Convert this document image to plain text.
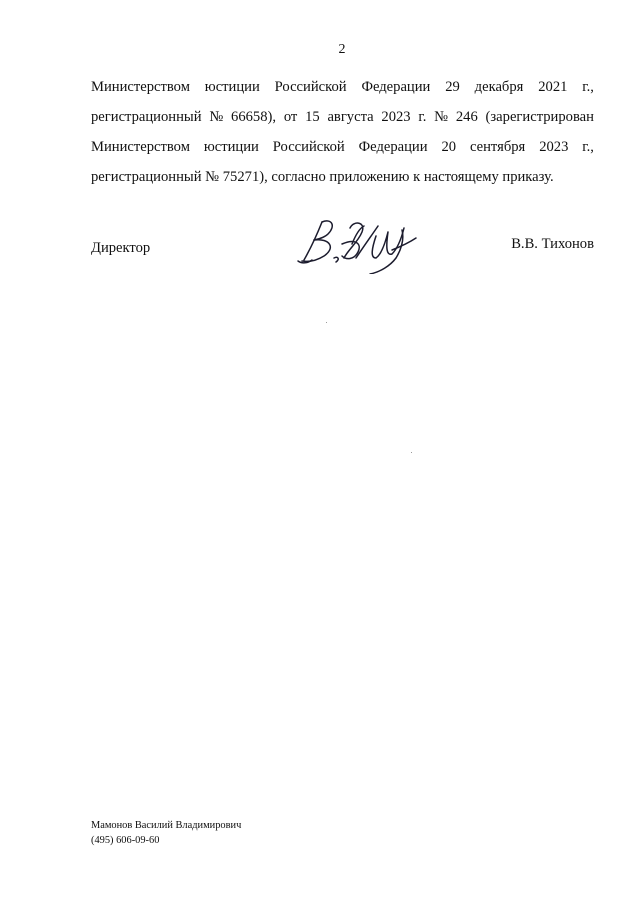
2
Министерством юстиции Российской Федерации 29 декабря 2021 г.,
регистрационный № 66658), от 15 августа 2023 г. № 246 (зарегистрирован
Министерством юстиции Российской Федерации 20 сентября 2023 г.,
регистрационный № 75271), согласно приложению к настоящему приказу.
Директор	В.В. Тихонов
Мамонов Василий Владимирович
(495) 606-09-60
